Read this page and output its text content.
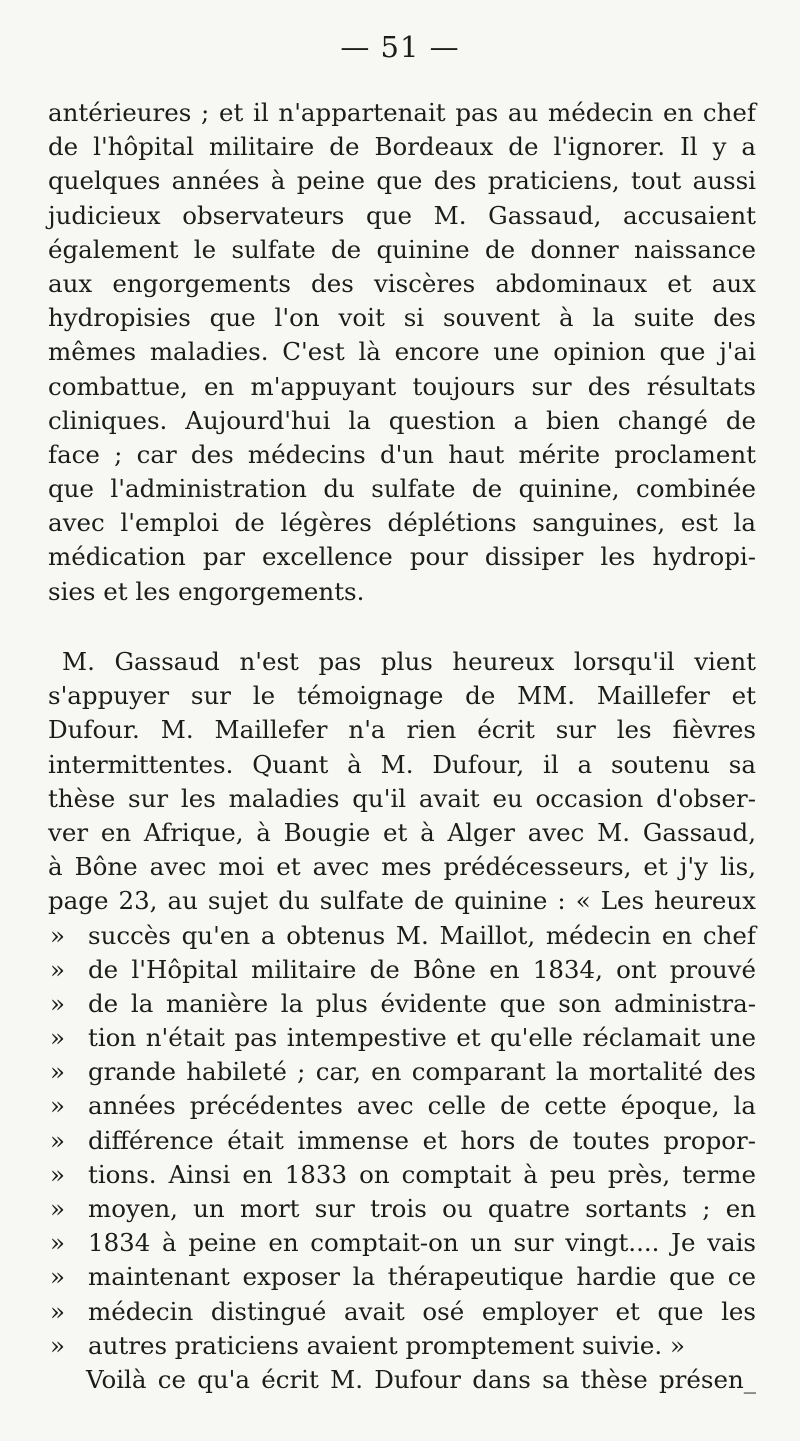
— 51 —
antérieures ; et il n'appartenait pas au médecin en chef
de l'hôpital militaire de Bordeaux de l'ignorer. Il y a
quelques années à peine que des praticiens, tout aussi
judicieux observateurs que M. Gassaud, accusaient
également le sulfate de quinine de donner naissance
aux engorgements des viscères abdominaux et aux
hydropisies que l'on voit si souvent à la suite des
mêmes maladies. C'est là encore une opinion que j'ai
combattue, en m'appuyant toujours sur des résultats
cliniques. Aujourd'hui la question a bien changé de
face ; car des médecins d'un haut mérite proclament
que l'administration du sulfate de quinine, combinée
avec l'emploi de légères déplétions sanguines, est la
médication par excellence pour dissiper les hydropi-
sies et les engorgements.
M. Gassaud n'est pas plus heureux lorsqu'il vient
s'appuyer sur le témoignage de MM. Maillefer et
Dufour. M. Maillefer n'a rien écrit sur les fièvres
intermittentes. Quant à M. Dufour, il a soutenu sa
thèse sur les maladies qu'il avait eu occasion d'obser-
ver en Afrique, à Bougie et à Alger avec M. Gassaud,
à Bône avec moi et avec mes prédécesseurs, et j'y lis,
page 23, au sujet du sulfate de quinine : « Les heureux
» succès qu'en a obtenus M. Maillot, médecin en chef
» de l'Hôpital militaire de Bône en 1834, ont prouvé
» de la manière la plus évidente que son administra-
» tion n'était pas intempestive et qu'elle réclamait une
» grande habileté ; car, en comparant la mortalité des
» années précédentes avec celle de cette époque, la
» différence était immense et hors de toutes propor-
» tions. Ainsi en 1833 on comptait à peu près, terme
» moyen, un mort sur trois ou quatre sortants ; en
» 1834 à peine en comptait-on un sur vingt.... Je vais
» maintenant exposer la thérapeutique hardie que ce
» médecin distingué avait osé employer et que les
» autres praticiens avaient promptement suivie. »
Voilà ce qu'a écrit M. Dufour dans sa thèse présen_
